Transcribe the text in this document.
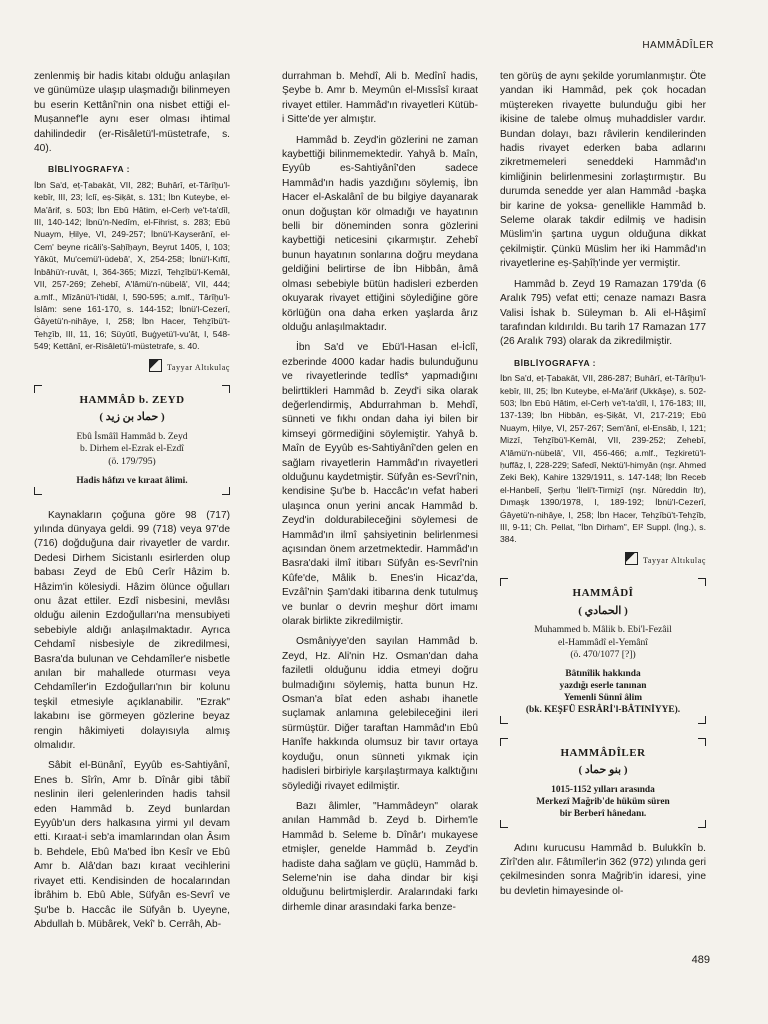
HAMMÂDÎLER

zenlenmiş bir hadis kitabı olduğu anlaşılan ve günümüze ulaşıp ulaşmadığı bilinmeyen bu eserin Kettânî'nin ona nisbet ettiği el-Muṣannef'le aynı eser olması ihtimal dahilindedir (er-Risâletü'l-müstetrafe, s. 40).

BİBLİYOGRAFYA :

İbn Sa'd, eṭ-Ṭabakāt, VII, 282; Buhârî, et-Târîḫu'l-kebîr, III, 23; İclî, eṣ-Ṣiḳāt, s. 131; İbn Kuteybe, el-Ma'ârif, s. 503; İbn Ebû Hâtim, el-Cerḥ ve't-ta'dîl, III, 140-142; İbnü'n-Nedîm, el-Fihrist, s. 283; Ebû Nuaym, Ḥilye, VI, 249-257; İbnü'l-Kayserânî, el-Cem' beyne ricâli'ṣ-Ṣaḥîḥayn, Beyrut 1405, I, 103; Yâkūt, Mu'cemü'l-üdebâ', X, 254-258; İbnü'l-Kıftî, İnbâhü'r-ruvât, I, 364-365; Mizzî, Tehẕîbü'l-Kemâl, VII, 257-269; Zehebî, A'lâmü'n-nübelâ', VII, 444; a.mlf., Mîzânü'l-i'tidâl, I, 590-595; a.mlf., Târîḫu'l-İslâm: sene 161-170, s. 144-152; İbnü'l-Cezerî, Ġâyetü'n-nihâye, I, 258; İbn Hacer, Tehẕîbü't-Tehẕîb, III, 11, 16; Süyûtî, Buġyetü'l-vu'ât, I, 548-549; Kettânî, er-Risâletü'l-müstetrafe, s. 40.

Tayyar Altıkulaç
HAMMÂD b. ZEYD
( حماد بن زيد )
Ebû İsmâîl Hammâd b. Zeyd
b. Dirhem el-Ezrak el-Ezdî
(ö. 179/795)
Hadis hâfızı ve kıraat âlimi.

Kaynakların çoğuna göre 98 (717) yılında dünyaya geldi. 99 (718) veya 97'de (716) doğduğuna dair rivayetler de vardır. Dedesi Dirhem Sicistanlı esirlerden olup babası Zeyd de Ebû Cerîr Hâzim b. Hâzim'in kölesiydi. Hâzim ölünce oğulları onu âzat ettiler. Ezdî nisbesini, mevlâsı olduğu ailenin Ezdoğulları'na mensubiyeti sebebiyle aldığı anlaşılmaktadır. Ayrıca Cehdamî nisbesiyle de zikredilmesi, Basra'da bulunan ve Cehdamîler'e nisbetle anılan bir mahallede oturması veya Cehdamîler'in Ezdoğulları'nın bir kolunu teşkil etmesiyle açıklanabilir. "Ezrak" lakabını ise görmeyen gözlerine beyaz rengin hâkimiyeti dolayısıyla almış olmalıdır.

Sâbit el-Bünânî, Eyyûb es-Sahtiyânî, Enes b. Sîrîn, Amr b. Dînâr gibi tâbiî neslinin ileri gelenlerinden hadis tahsil eden Hammâd b. Zeyd bunlardan Eyyûb'un ders halkasına yirmi yıl devam etti. Kıraat-i seb'a imamlarından olan Âsım b. Behdele, Ebû Ma'bed İbn Kesîr ve Ebû Amr b. Alâ'dan bazı kıraat vecihlerini rivayet etti. Kendisinden de hocalarından İbrâhim b. Ebû Able, Süfyân es-Sevrî ve Şu'be b. Haccâc ile Süfyân b. Uyeyne, Abdullah b. Mübârek, Vekî' b. Cerrâh, Ab-

durrahman b. Mehdî, Ali b. Medînî hadis, Şeybe b. Amr b. Meymûn el-Mıssîsî kıraat rivayet ettiler. Hammâd'ın rivayetleri Kütüb-i Sitte'de yer almıştır.

Hammâd b. Zeyd'in gözlerini ne zaman kaybettiği bilinmemektedir. Yahyâ b. Maîn, Eyyûb es-Sahtiyânî'den sadece Hammâd'ın hadis yazdığını söylemiş, İbn Hacer el-Askalânî de bu bilgiye dayanarak onun doğuştan kör olmadığı ve hayatının belli bir döneminden sonra gözlerini kaybettiği neticesini çıkarmıştır. Zehebî bunun hayatının sonlarına doğru meydana geldiğini belirtirse de İbn Hibbân, âmâ olması sebebiyle bütün hadisleri ezberden okuyarak rivayet ettiğini söylediğine göre körlüğün ona daha erken yaşlarda ârız olduğu anlaşılmaktadır.

İbn Sa'd ve Ebü'l-Hasan el-İclî, ezberinde 4000 kadar hadis bulunduğunu ve rivayetlerinde tedlîs* yapmadığını belirttikleri Hammâd b. Zeyd'i sika olarak değerlendirmiş, Abdurrahman b. Mehdî, sünneti ve fıkhı ondan daha iyi bilen bir kimseyi görmediğini söylemiştir. Yahyâ b. Maîn de Eyyûb es-Sahtiyânî'den gelen en sağlam rivayetlerin Hammâd'ın rivayetleri olduğunu kaydetmiştir. Süfyân es-Sevrî'nin, kendisine Şu'be b. Haccâc'ın vefat haberi ulaşınca onun yerini ancak Hammâd b. Zeyd'in doldurabileceğini söylemesi de Hammâd'ın ilmî şahsiyetinin belirlenmesi açısından önem arzetmektedir. Hammâd'ın Basra'daki ilmî itibarı Süfyân es-Sevrî'nin Kûfe'de, Mâlik b. Enes'in Hicaz'da, Evzâî'nin Şam'daki itibarına denk tutulmuş ve bunlar o devrin meşhur dört imamı olarak birlikte zikredilmiştir.

Osmâniyye'den sayılan Hammâd b. Zeyd, Hz. Ali'nin Hz. Osman'dan daha faziletli olduğunu iddia etmeyi doğru bulmadığını söylemiş, hatta bunun Hz. Osman'a bîat eden ashabı ihanetle suçlamak anlamına gelebileceğini ileri sürmüştür. Diğer taraftan Hammâd'ın Ebû Hanîfe hakkında olumsuz bir tavır ortaya koyduğu, onun sünneti yıkmak için hadisleri birbiriyle karşılaştırmaya kalktığını söylediği rivayet edilmiştir.

Bazı âlimler, "Hammâdeyn" olarak anılan Hammâd b. Zeyd b. Dirhem'le Hammâd b. Seleme b. Dînâr'ı mukayese etmişler, genelde Hammâd b. Zeyd'in hadiste daha sağlam ve güçlü, Hammâd b. Seleme'nin ise daha dindar bir kişi olduğunu belirtmişlerdir. Aralarındaki farkı dirhemle dinar arasındaki farka benze-

ten görüş de aynı şekilde yorumlanmıştır. Öte yandan iki Hammâd, pek çok hocadan müştereken rivayette bulunduğu gibi her ikisine de talebe olmuş muhaddisler vardır. Bundan dolayı, bazı râvilerin kendilerinden hadis rivayet ederken baba adlarını zikretmemeleri seneddeki Hammâd'ın kimliğinin belirlenmesini zorlaştırmıştır. Bu durumda senedde yer alan Hammâd -başka bir karine de yoksa- genellikle Hammâd b. Seleme olarak takdir edilmiş ve hadisin Müslim'in şartına uygun olduğuna dikkat çekilmiştir. Çünkü Müslim her iki Hammâd'ın rivayetlerine eṣ-Ṣaḥîḥ'inde yer vermiştir.

Hammâd b. Zeyd 19 Ramazan 179'da (6 Aralık 795) vefat etti; cenaze namazı Basra Valisi İshak b. Süleyman b. Ali el-Hâşimî tarafından kıldırıldı. Bu tarih 17 Ramazan 177 (26 Aralık 793) olarak da zikredilmiştir.

BİBLİYOGRAFYA :

İbn Sa'd, eṭ-Ṭabakāt, VII, 286-287; Buhârî, et-Târîḫu'l-kebîr, III, 25; İbn Kuteybe, el-Ma'ârif (Ukkâşe), s. 502-503; İbn Ebû Hâtim, el-Cerḥ ve't-ta'dîl, I, 176-183; III, 137-139; İbn Hibbân, eṣ-Ṣiḳât, VI, 217-219; Ebû Nuaym, Ḥilye, VI, 257-267; Sem'ânî, el-Ensâb, I, 121; Mizzî, Tehẕîbü'l-Kemâl, VII, 239-252; Zehebî, A'lâmü'n-nübelâ', VII, 456-466; a.mlf., Teẕkiretü'l-ḥuffâẓ, I, 228-229; Safedî, Nektü'l-himyân (nşr. Ahmed Zeki Bek), Kahire 1329/1911, s. 147-148; İbn Receb el-Hanbelî, Şerḥu 'İleli't-Tirmiẕî (nşr. Nûreddin Itr), Dımaşk 1390/1978, I, 189-192; İbnü'l-Cezerî, Ġâyetü'n-nihâye, I, 258; İbn Hacer, Tehẕîbü't-Tehẕîb, III, 9-11; Ch. Pellat, "İbn Dirham", EI² Suppl. (İng.), s. 384.

Tayyar Altıkulaç
HAMMÂDÎ
( الحمادي )
Muhammed b. Mâlik b. Ebi'l-Fezâil
el-Hammâdî el-Yemânî
(ö. 470/1077 [?])
Bâtınîlik hakkında
yazdığı eserle tanınan
Yemenli Sünnî âlim
(bk. KEŞFÜ ESRÂRİ'l-BÂTINİYYE).
HAMMÂDÎLER
( بنو حماد )
1015-1152 yılları arasında
Merkezî Mağrib'de hüküm süren
bir Berberî hânedanı.

Adını kurucusu Hammâd b. Bulukkîn b. Zîrî'den alır. Fâtımîler'in 362 (972) yılında geri çekilmesinden sonra Mağrib'in idaresi, yine bu devletin himayesinde ol-

489
